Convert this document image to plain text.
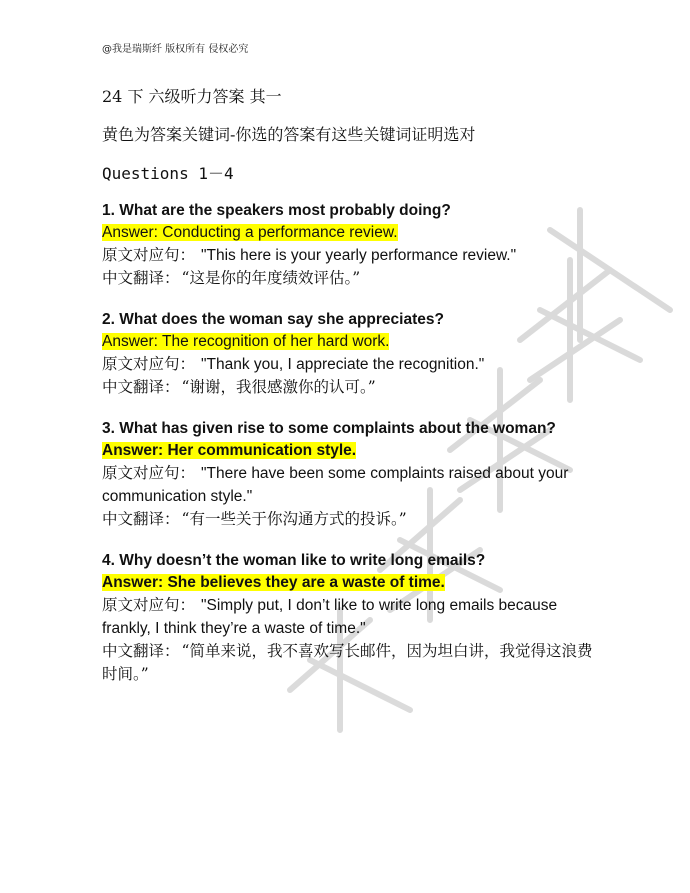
@我是瑞斯纤 版权所有 侵权必究
24 下 六级听力答案 其一
黄色为答案关键词-你选的答案有这些关键词证明选对
Questions 1－4
1. What are the speakers most probably doing?
Answer: Conducting a performance review.
原文对应句： "This here is your yearly performance review."
中文翻译： “这是你的年度绩效评估。”
2. What does the woman say she appreciates?
Answer: The recognition of her hard work.
原文对应句： "Thank you, I appreciate the recognition."
中文翻译： “谢谢，我很感激你的认可。”
3. What has given rise to some complaints about the woman?
Answer: Her communication style.
原文对应句： "There have been some complaints raised about your communication style."
中文翻译： “有一些关于你沟通方式的投诉。”
4. Why doesn’t the woman like to write long emails?
Answer: She believes they are a waste of time.
原文对应句： "Simply put, I don’t like to write long emails because frankly, I think they’re a waste of time."
中文翻译： “简单来说，我不喜欢写长邮件，因为坦白讲，我觉得这浪费时间。”
